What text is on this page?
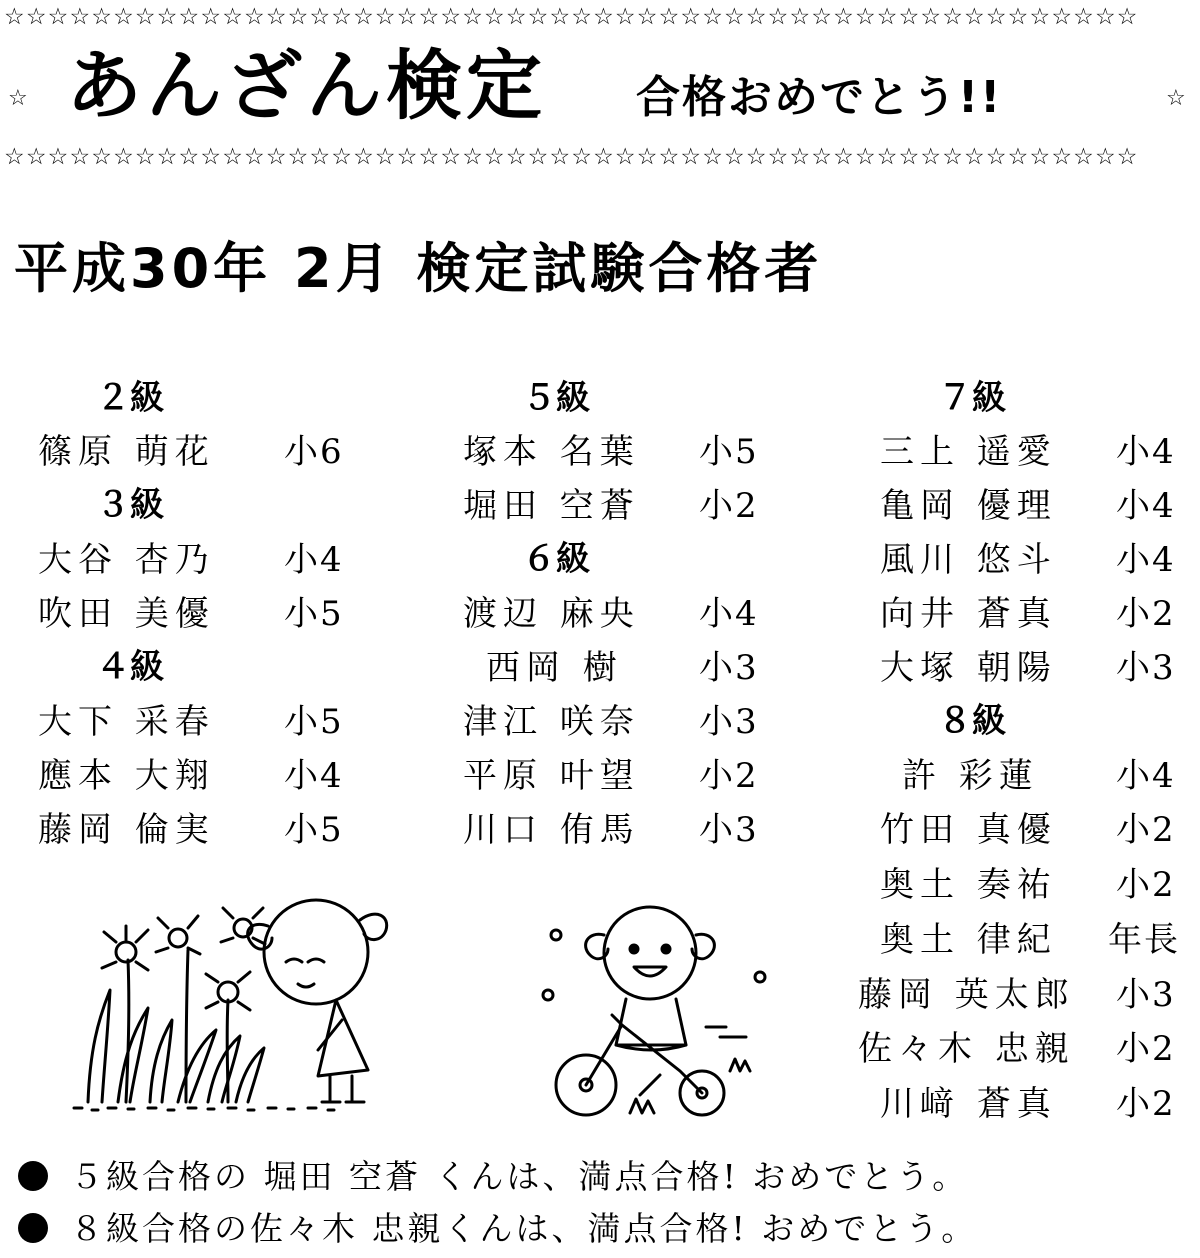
☆☆☆☆☆☆☆☆☆☆☆☆☆☆☆☆☆☆☆☆☆☆☆☆☆☆☆☆☆☆☆☆☆☆☆☆☆☆☆☆☆☆☆☆☆☆☆☆☆☆☆☆
☆ あんざん検定 合格おめでとう!!	☆
☆☆☆☆☆☆☆☆☆☆☆☆☆☆☆☆☆☆☆☆☆☆☆☆☆☆☆☆☆☆☆☆☆☆☆☆☆☆☆☆☆☆☆☆☆☆☆☆☆☆☆☆
平成30年 2月 検定試験合格者
２級
篠原 萌花 小6
３級
大谷 杏乃 小4
吹田 美優 小5
４級
大下 采春 小5
應本 大翔 小4
藤岡 倫実 小5
５級
塚本 名葉 小5
堀田 空蒼 小2
６級
渡辺 麻央 小4
西岡 樹 小3
津江 咲奈 小3
平原 叶望 小2
川口 侑馬 小3
７級
三上 遥愛 小4
亀岡 優理 小4
風川 悠斗 小4
向井 蒼真 小2
大塚 朝陽 小3
８級
許 彩蓮 小4
竹田 真優 小2
奥土 奏祐 小2
奥土 律紀 年長
藤岡 英太郎 小3
佐々木 忠親 小2
川﨑 蒼真 小2
５級合格の 堀田 空蒼 くんは、満点合格! おめでとう。
８級合格の佐々木 忠親くんは、満点合格! おめでとう。
